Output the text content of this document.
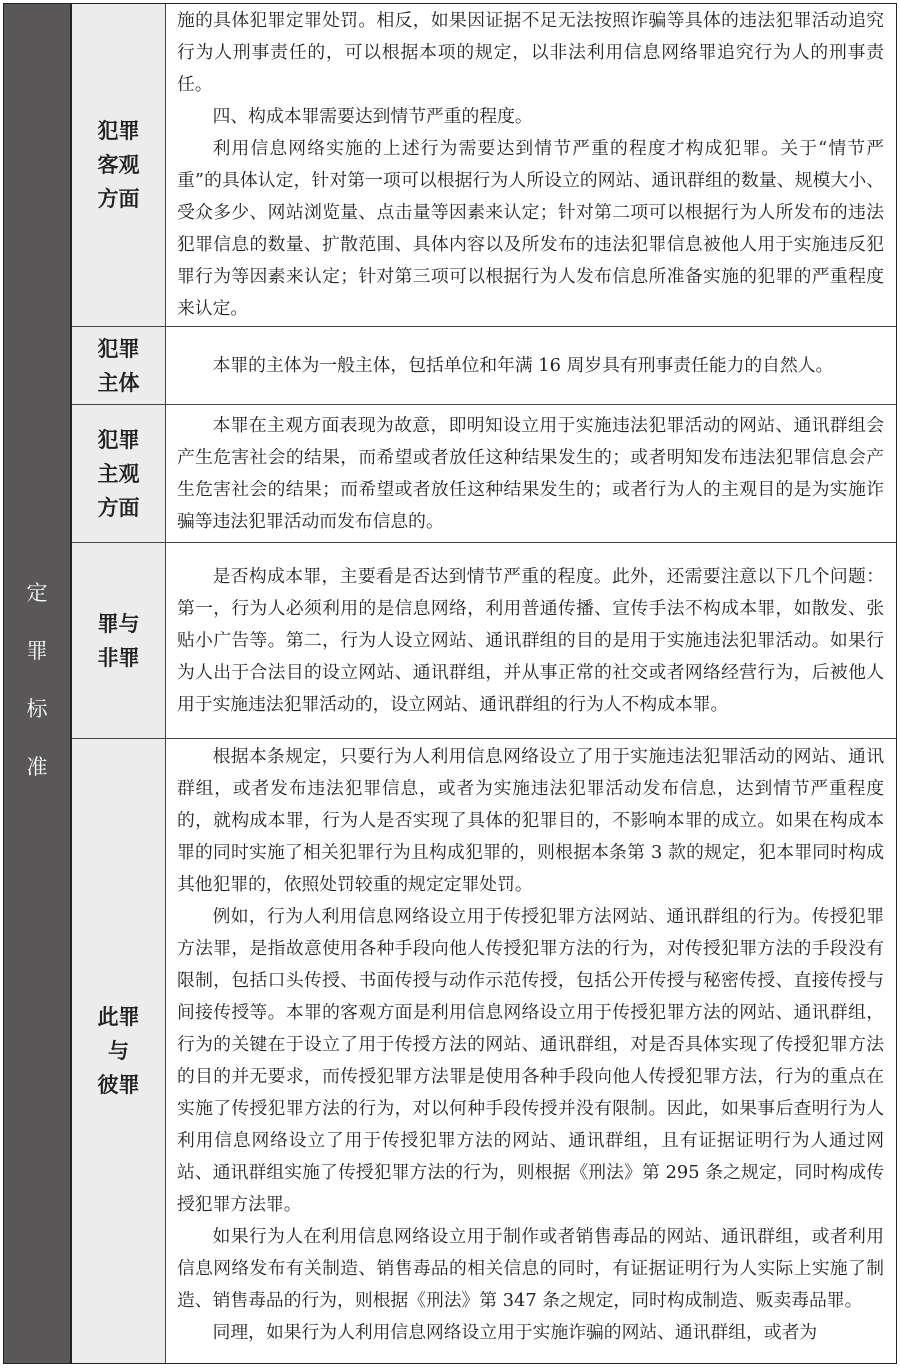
定
罪
标
准
犯罪
客观
方面

施的具体犯罪定罪处罚。相反，如果因证据不足无法按照诈骗等具体的违法犯罪活动追究行为人刑事责任的，可以根据本项的规定，以非法利用信息网络罪追究行为人的刑事责任。

四、构成本罪需要达到情节严重的程度。

利用信息网络实施的上述行为需要达到情节严重的程度才构成犯罪。关于“情节严重”的具体认定，针对第一项可以根据行为人所设立的网站、通讯群组的数量、规模大小、受众多少、网站浏览量、点击量等因素来认定；针对第二项可以根据行为人所发布的违法犯罪信息的数量、扩散范围、具体内容以及所发布的违法犯罪信息被他人用于实施违反犯罪行为等因素来认定；针对第三项可以根据行为人发布信息所准备实施的犯罪的严重程度来认定。

犯罪
主体

本罪的主体为一般主体，包括单位和年满 16 周岁具有刑事责任能力的自然人。

犯罪
主观
方面

本罪在主观方面表现为故意，即明知设立用于实施违法犯罪活动的网站、通讯群组会产生危害社会的结果，而希望或者放任这种结果发生的；或者明知发布违法犯罪信息会产生危害社会的结果；而希望或者放任这种结果发生的；或者行为人的主观目的是为实施诈骗等违法犯罪活动而发布信息的。

罪与
非罪

是否构成本罪，主要看是否达到情节严重的程度。此外，还需要注意以下几个问题：第一，行为人必须利用的是信息网络，利用普通传播、宣传手法不构成本罪，如散发、张贴小广告等。第二，行为人设立网站、通讯群组的目的是用于实施违法犯罪活动。如果行为人出于合法目的设立网站、通讯群组，并从事正常的社交或者网络经营行为，后被他人用于实施违法犯罪活动的，设立网站、通讯群组的行为人不构成本罪。

此罪
与
彼罪

根据本条规定，只要行为人利用信息网络设立了用于实施违法犯罪活动的网站、通讯群组，或者发布违法犯罪信息，或者为实施违法犯罪活动发布信息，达到情节严重程度的，就构成本罪，行为人是否实现了具体的犯罪目的，不影响本罪的成立。如果在构成本罪的同时实施了相关犯罪行为且构成犯罪的，则根据本条第 3 款的规定，犯本罪同时构成其他犯罪的，依照处罚较重的规定定罪处罚。

例如，行为人利用信息网络设立用于传授犯罪方法网站、通讯群组的行为。传授犯罪方法罪，是指故意使用各种手段向他人传授犯罪方法的行为，对传授犯罪方法的手段没有限制，包括口头传授、书面传授与动作示范传授，包括公开传授与秘密传授、直接传授与间接传授等。本罪的客观方面是利用信息网络设立用于传授犯罪方法的网站、通讯群组，行为的关键在于设立了用于传授方法的网站、通讯群组，对是否具体实现了传授犯罪方法的目的并无要求，而传授犯罪方法罪是使用各种手段向他人传授犯罪方法，行为的重点在实施了传授犯罪方法的行为，对以何种手段传授并没有限制。因此，如果事后查明行为人利用信息网络设立了用于传授犯罪方法的网站、通讯群组，且有证据证明行为人通过网站、通讯群组实施了传授犯罪方法的行为，则根据《刑法》第 295 条之规定，同时构成传授犯罪方法罪。

如果行为人在利用信息网络设立用于制作或者销售毒品的网站、通讯群组，或者利用信息网络发布有关制造、销售毒品的相关信息的同时，有证据证明行为人实际上实施了制造、销售毒品的行为，则根据《刑法》第 347 条之规定，同时构成制造、贩卖毒品罪。

同理，如果行为人利用信息网络设立用于实施诈骗的网站、通讯群组，或者为
